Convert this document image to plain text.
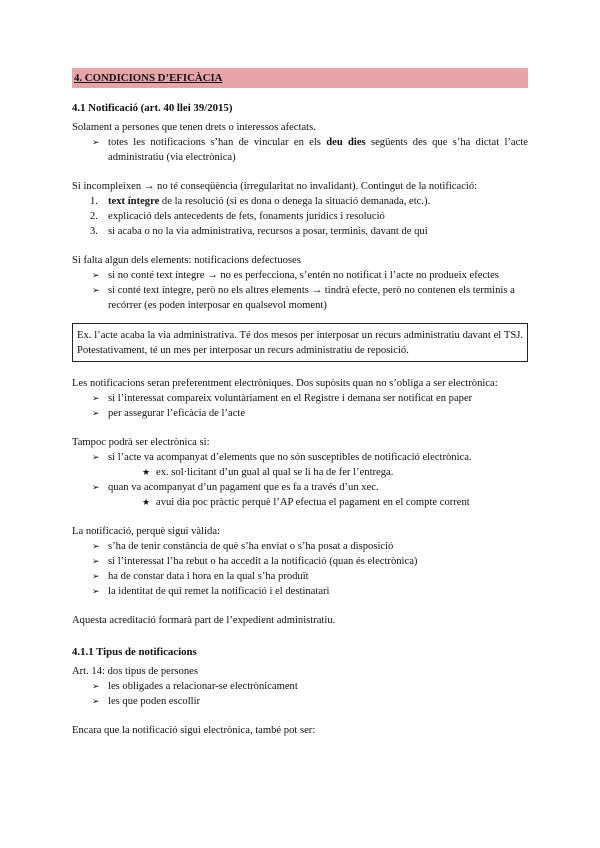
4. CONDICIONS D’EFICÀCIA
4.1 Notificació (art. 40 llei 39/2015)
Solament a persones que tenen drets o interessos afectats.
➢ totes les notificacions s’han de vincular en els deu dies següents des que s’ha dictat l’acte administratiu (via electrònica)
Si incompleixen → no té conseqüència (irregularitat no invalidant). Contingut de la notificació:
1. text íntegre de la resolució (si es dona o denega la situació demanada, etc.).
2. explicació dels antecedents de fets, fonaments jurídics i resolució
3. si acaba o no la via administrativa, recursos a posar, terminis, davant de qui
Si falta algun dels elements: notificacions defectuoses
➢ si no conté text íntegre → no es perfecciona, s’entén no notificat i l’acte no produeix efectes
➢ si conté text íntegre, però no els altres elements → tindrà efecte, però no contenen els terminis a recórrer (es poden interposar en qualsevol moment)
Ex. l’acte acaba la via administrativa. Té dos mesos per interposar un recurs administratiu davant el TSJ. Potestativament, té un mes per interposar un recurs administratiu de reposició.
Les notificacions seran preferentment electròniques. Dos supòsits quan no s’obliga a ser electrònica:
➢ si l’interessat compareix voluntàriament en el Registre i demana ser notificat en paper
➢ per assegurar l’eficàcia de l’acte
Tampoc podrà ser electrònica si:
➢ si l’acte va acompanyat d’elements que no són susceptibles de notificació electrònica.
★ ex. sol·licitant d’un gual al qual se li ha de fer l’entrega.
➢ quan va acompanyat d’un pagament que es fa a través d’un xec.
★ avui dia poc pràctic perquè l’AP efectua el pagament en el compte corrent
La notificació, perquè sigui vàlida:
➢ s’ha de tenir constància de què s’ha enviat o s’ha posat a disposició
➢ si l’interessat l’ha rebut o ha accedit a la notificació (quan és electrònica)
➢ ha de constar data i hora en la qual s’ha produït
➢ la identitat de qui remet la notificació i el destinatari
Aquesta acreditació formarà part de l’expedient administratiu.
4.1.1 Tipus de notificacions
Art. 14: dos tipus de persones
➢ les obligades a relacionar-se electrònicament
➢ les que poden escollir
Encara que la notificació sigui electrònica, també pot ser:
